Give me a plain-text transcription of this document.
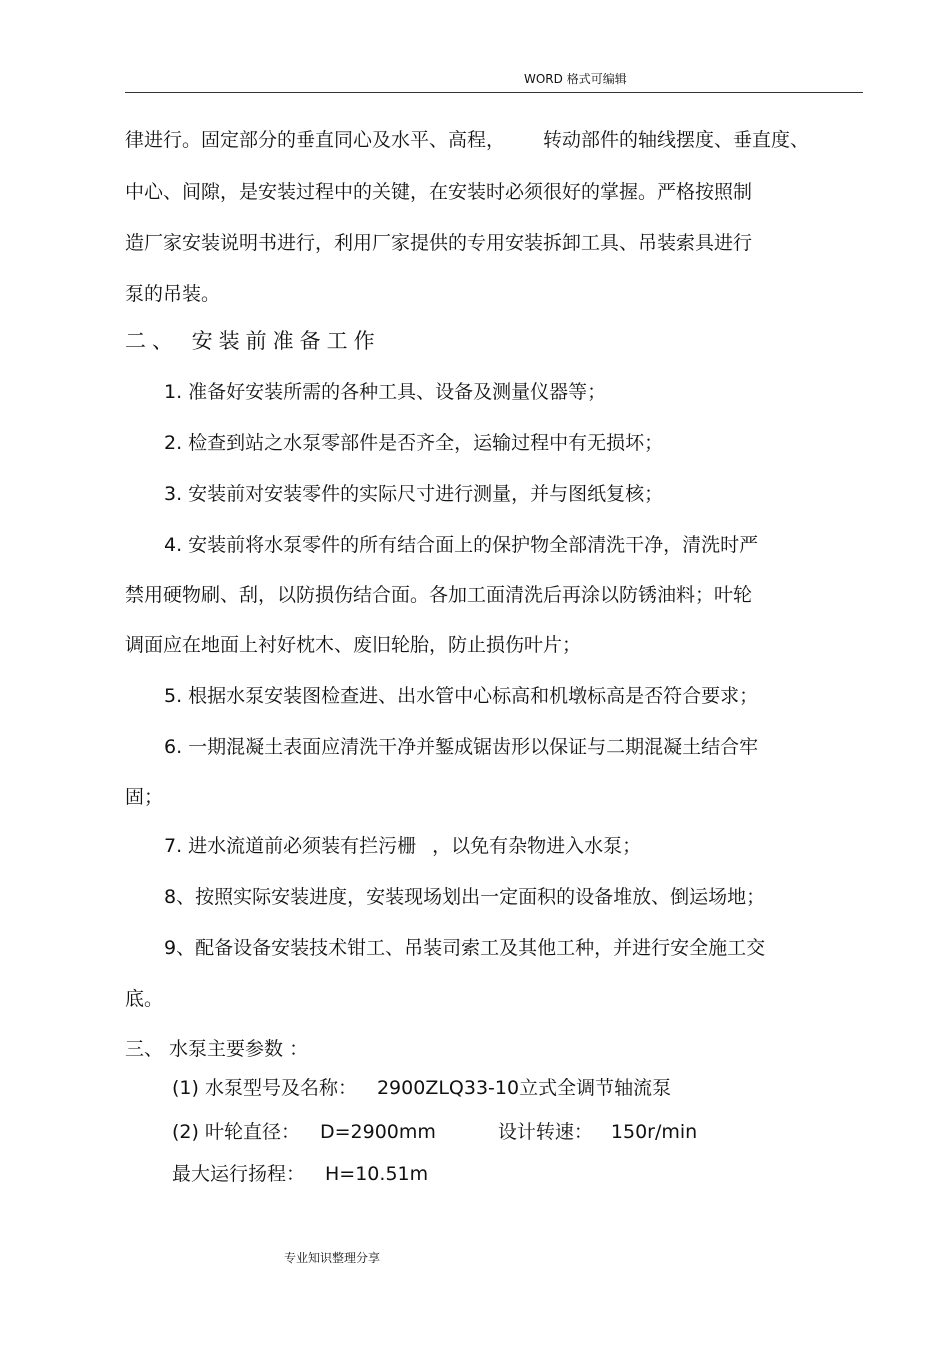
WORD 格式可编辑
律进行。固定部分的垂直同心及水平、高程， 转动部件的轴线摆度、垂直度、
中心、间隙，是安装过程中的关键，在安装时必须很好的掌握。严格按照制
造厂家安装说明书进行，利用厂家提供的专用安装拆卸工具、吊装索具进行
泵的吊装。
二、 安装前准备工作
1. 准备好安装所需的各种工具、设备及测量仪器等；
2. 检查到站之水泵零部件是否齐全，运输过程中有无损坏；
3. 安装前对安装零件的实际尺寸进行测量，并与图纸复核；
4. 安装前将水泵零件的所有结合面上的保护物全部清洗干净，清洗时严
禁用硬物刷、刮，以防损伤结合面。各加工面清洗后再涂以防锈油料；叶轮
调面应在地面上衬好枕木、废旧轮胎，防止损伤叶片；
5. 根据水泵安装图检查进、出水管中心标高和机墩标高是否符合要求；
6. 一期混凝土表面应清洗干净并錾成锯齿形以保证与二期混凝土结合牢
固；
7. 进水流道前必须装有拦污栅 ，以免有杂物进入水泵；
8、按照实际安装进度，安装现场划出一定面积的设备堆放、倒运场地；
9、配备设备安装技术钳工、吊装司索工及其他工种，并进行安全施工交
底。
三、 水泵主要参数 ：
(1) 水泵型号及名称： 2900ZLQ33-10立式全调节轴流泵
(2) 叶轮直径： D=2900mm	设计转速： 150r/min
最大运行扬程： H=10.51m
专业知识整理分享
